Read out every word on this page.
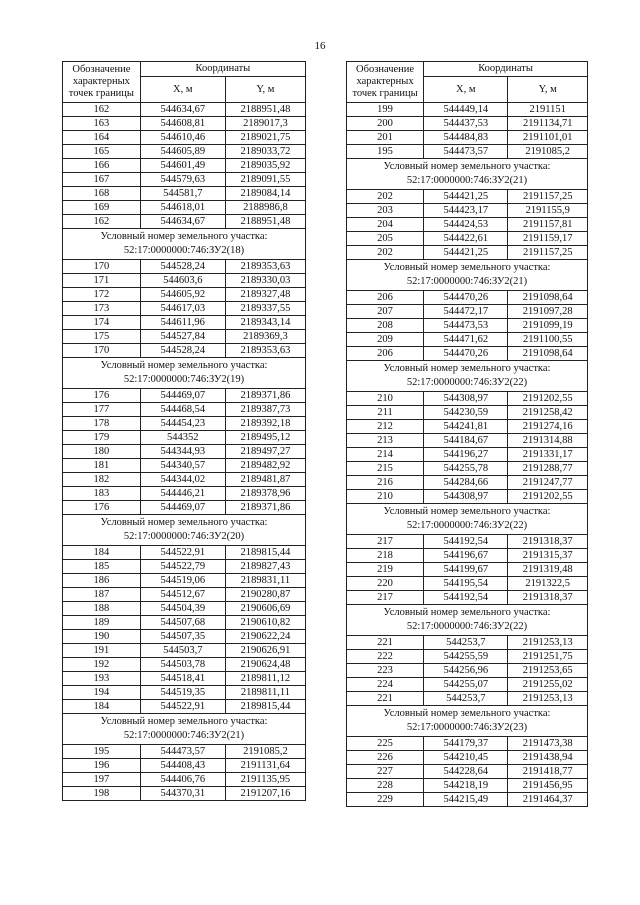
16
Обозначение характерных точек границы	Координаты	
	X, м	Y, м
162	544634,67	2188951,48
163	544608,81	2189017,3
164	544610,46	2189021,75
165	544605,89	2189033,72
166	544601,49	2189035,92
167	544579,63	2189091,55
168	544581,7	2189084,14
169	544618,01	2188986,8
162	544634,67	2188951,48
Условный номер земельного участка:
52:17:0000000:746:ЗУ2(18)		
170	544528,24	2189353,63
171	544603,6	2189330,03
172	544605,92	2189327,48
173	544617,03	2189337,55
174	544611,96	2189343,14
175	544527,84	2189369,3
170	544528,24	2189353,63
Условный номер земельного участка:
52:17:0000000:746:ЗУ2(19)		
176	544469,07	2189371,86
177	544468,54	2189387,73
178	544454,23	2189392,18
179	544352	2189495,12
180	544344,93	2189497,27
181	544340,57	2189482,92
182	544344,02	2189481,87
183	544446,21	2189378,96
176	544469,07	2189371,86
Условный номер земельного участка:
52:17:0000000:746:ЗУ2(20)		
184	544522,91	2189815,44
185	544522,79	2189827,43
186	544519,06	2189831,11
187	544512,67	2190280,87
188	544504,39	2190606,69
189	544507,68	2190610,82
190	544507,35	2190622,24
191	544503,7	2190626,91
192	544503,78	2190624,48
193	544518,41	2189811,12
194	544519,35	2189811,11
184	544522,91	2189815,44
Условный номер земельного участка:
52:17:0000000:746:ЗУ2(21)		
195	544473,57	2191085,2
196	544408,43	2191131,64
197	544406,76	2191135,95
198	544370,31	2191207,16
Обозначение характерных точек границы	Координаты	
	X, м	Y, м
199	544449,14	2191151
200	544437,53	2191134,71
201	544484,83	2191101,01
195	544473,57	2191085,2
Условный номер земельного участка:
52:17:0000000:746:ЗУ2(21)		
202	544421,25	2191157,25
203	544423,17	2191155,9
204	544424,53	2191157,81
205	544422,61	2191159,17
202	544421,25	2191157,25
Условный номер земельного участка:
52:17:0000000:746:ЗУ2(21)		
206	544470,26	2191098,64
207	544472,17	2191097,28
208	544473,53	2191099,19
209	544471,62	2191100,55
206	544470,26	2191098,64
Условный номер земельного участка:
52:17:0000000:746:ЗУ2(22)		
210	544308,97	2191202,55
211	544230,59	2191258,42
212	544241,81	2191274,16
213	544184,67	2191314,88
214	544196,27	2191331,17
215	544255,78	2191288,77
216	544284,66	2191247,77
210	544308,97	2191202,55
Условный номер земельного участка:
52:17:0000000:746:ЗУ2(22)		
217	544192,54	2191318,37
218	544196,67	2191315,37
219	544199,67	2191319,48
220	544195,54	2191322,5
217	544192,54	2191318,37
Условный номер земельного участка:
52:17:0000000:746:ЗУ2(22)		
221	544253,7	2191253,13
222	544255,59	2191251,75
223	544256,96	2191253,65
224	544255,07	2191255,02
221	544253,7	2191253,13
Условный номер земельного участка:
52:17:0000000:746:ЗУ2(23)		
225	544179,37	2191473,38
226	544210,45	2191438,94
227	544228,64	2191418,77
228	544218,19	2191456,95
229	544215,49	2191464,37
